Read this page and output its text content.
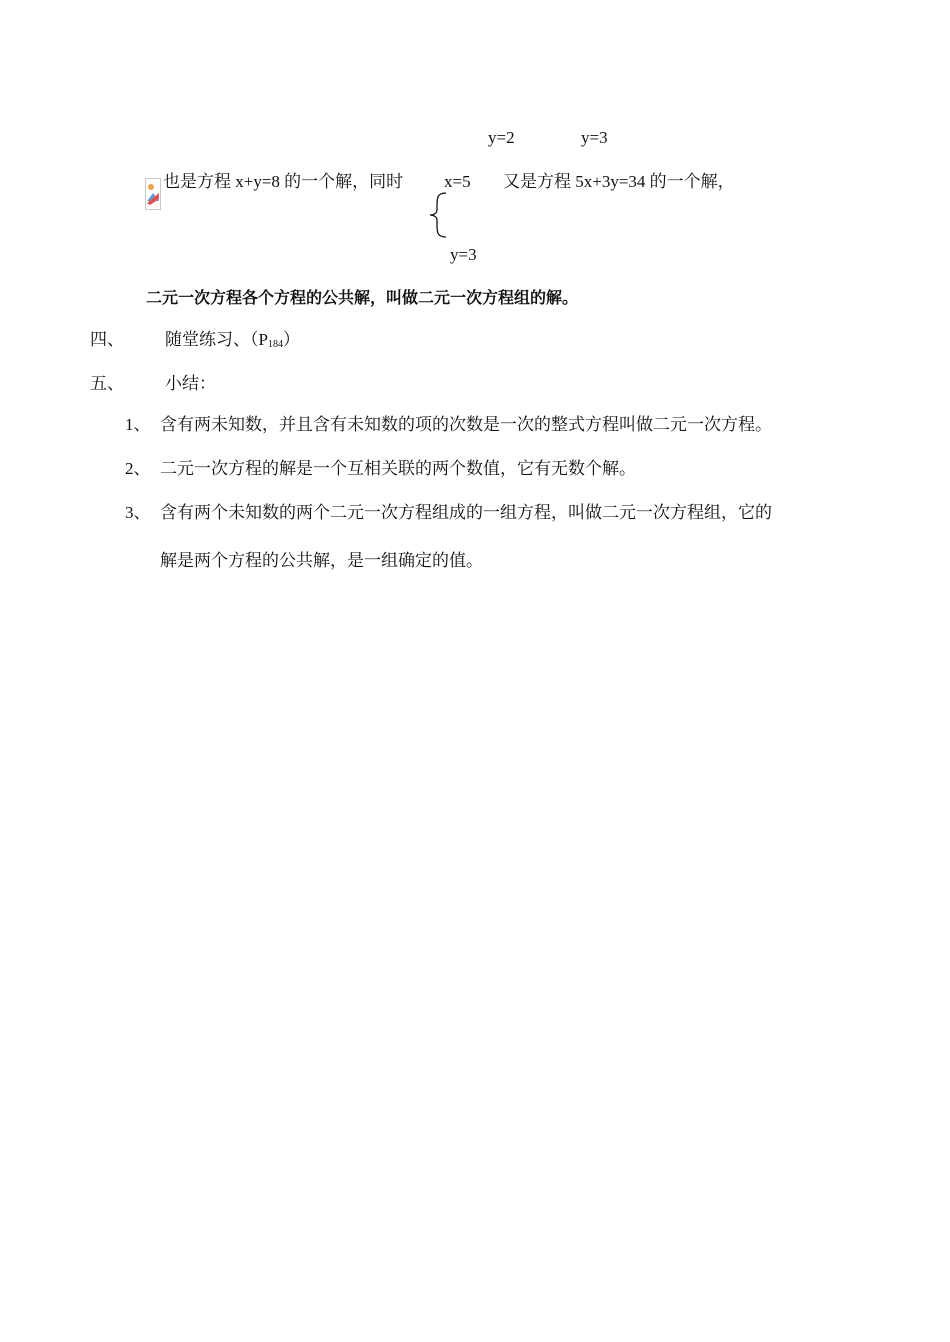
y=2	y=3
也是方程 x+y=8 的一个解，同时 x=5 又是方程 5x+3y=34 的一个解，
y=3
二元一次方程各个方程的公共解，叫做二元一次方程组的解。
四、 随堂练习、$(P_{184})$
五、 小结：
1、 含有两未知数，并且含有未知数的项的次数是一次的整式方程叫做二元一次方程。
2、 二元一次方程的解是一个互相关联的两个数值，它有无数个解。
3、 含有两个未知数的两个二元一次方程组成的一组方程，叫做二元一次方程组，它的
解是两个方程的公共解，是一组确定的值。
